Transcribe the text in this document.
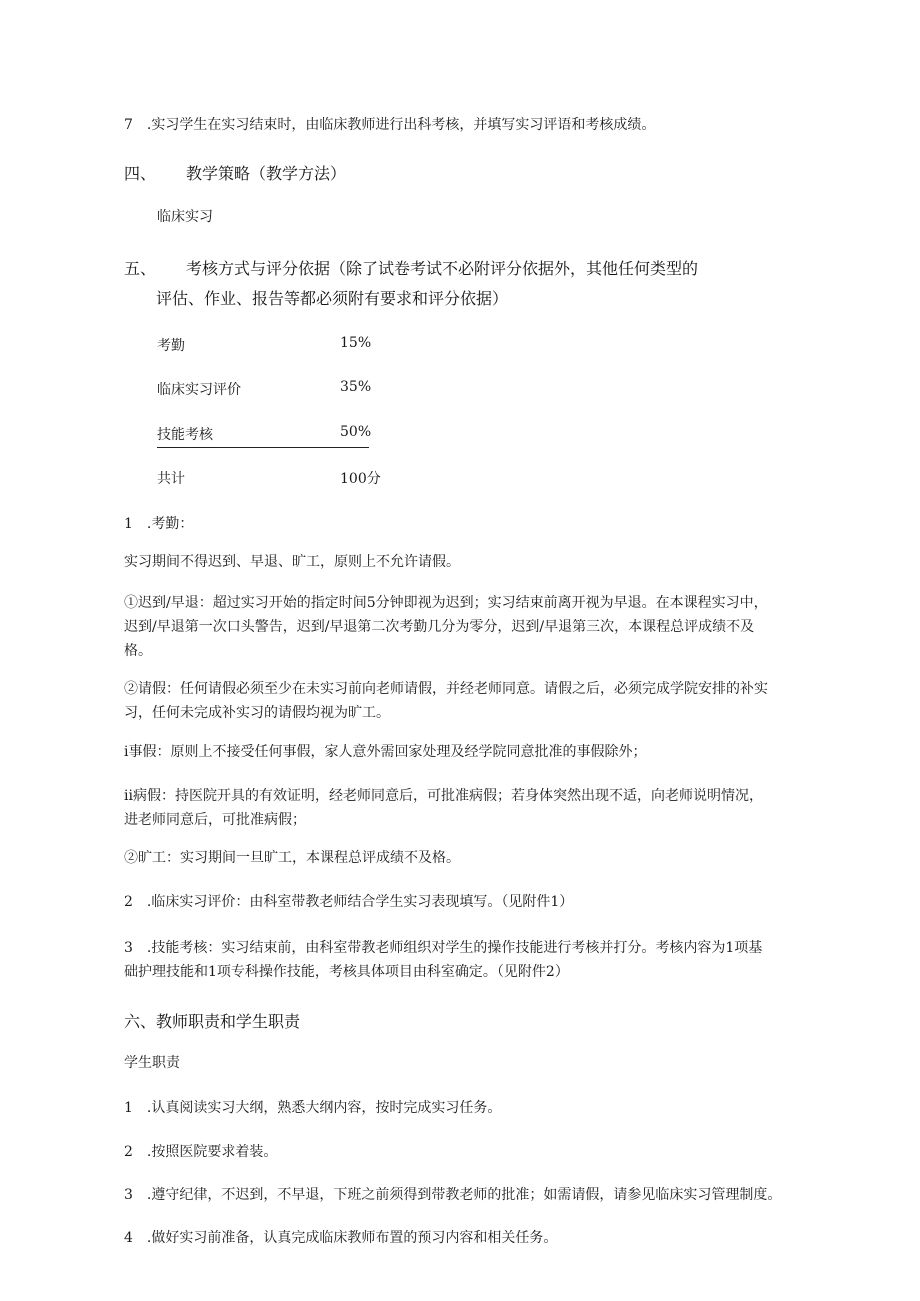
7　.实习学生在实习结束时，由临床教师进行出科考核，并填写实习评语和考核成绩。
四、 教学策略（教学方法）
临床实习
五、 考核方式与评分依据（除了试卷考试不必附评分依据外，其他任何类型的
评估、作业、报告等都必须附有要求和评分依据）
考勤	15%
临床实习评价	35%
技能考核	50%
共计	100分
1　.考勤：
实习期间不得迟到、早退、旷工，原则上不允许请假。
①迟到/早退：超过实习开始的指定时间5分钟即视为迟到；实习结束前离开视为早退。在本课程实习中，
迟到/早退第一次口头警告，迟到/早退第二次考勤几分为零分，迟到/早退第三次，本课程总评成绩不及
格。
②请假：任何请假必须至少在未实习前向老师请假，并经老师同意。请假之后，必须完成学院安排的补实
习，任何未完成补实习的请假均视为旷工。
i事假：原则上不接受任何事假，家人意外需回家处理及经学院同意批准的事假除外；
ii病假：持医院开具的有效证明，经老师同意后，可批准病假；若身体突然出现不适，向老师说明情况，
进老师同意后，可批准病假；
②旷工：实习期间一旦旷工，本课程总评成绩不及格。
2　.临床实习评价：由科室带教老师结合学生实习表现填写。（见附件1）
3　.技能考核：实习结束前，由科室带教老师组织对学生的操作技能进行考核并打分。考核内容为1项基
础护理技能和1项专科操作技能，考核具体项目由科室确定。（见附件2）
六、教师职责和学生职责
学生职责
1　.认真阅读实习大纲，熟悉大纲内容，按时完成实习任务。
2　.按照医院要求着装。
3　.遵守纪律，不迟到，不早退，下班之前须得到带教老师的批准；如需请假，请参见临床实习管理制度。
4　.做好实习前准备，认真完成临床教师布置的预习内容和相关任务。
